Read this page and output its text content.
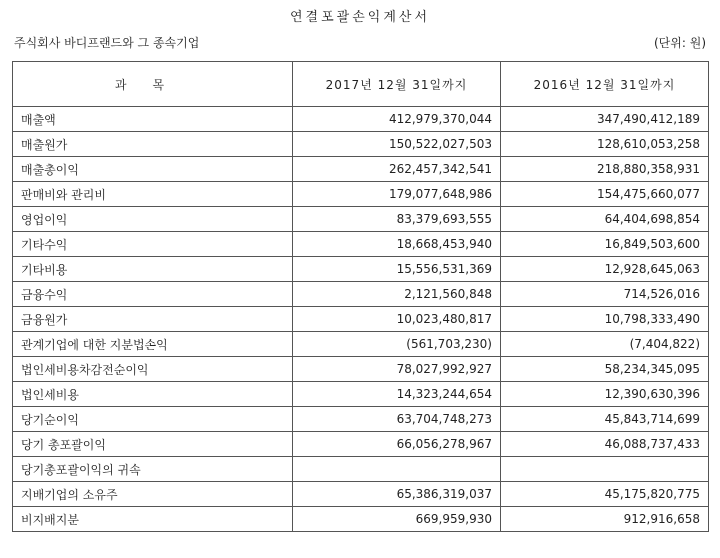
연결포괄손익계산서
주식회사 바디프랜드와 그 종속기업	(단위: 원)
과목	2017년 12월 31일까지	2016년 12월 31일까지
매출액	412,979,370,044	347,490,412,189
매출원가	150,522,027,503	128,610,053,258
매출총이익	262,457,342,541	218,880,358,931
판매비와 관리비	179,077,648,986	154,475,660,077
영업이익	83,379,693,555	64,404,698,854
기타수익	18,668,453,940	16,849,503,600
기타비용	15,556,531,369	12,928,645,063
금융수익	2,121,560,848	714,526,016
금융원가	10,023,480,817	10,798,333,490
관계기업에 대한 지분법손익	(561,703,230)	(7,404,822)
법인세비용차감전순이익	78,027,992,927	58,234,345,095
법인세비용	14,323,244,654	12,390,630,396
당기순이익	63,704,748,273	45,843,714,699
당기 총포괄이익	66,056,278,967	46,088,737,433
당기총포괄이익의 귀속		
지배기업의 소유주	65,386,319,037	45,175,820,775
비지배지분	669,959,930	912,916,658
